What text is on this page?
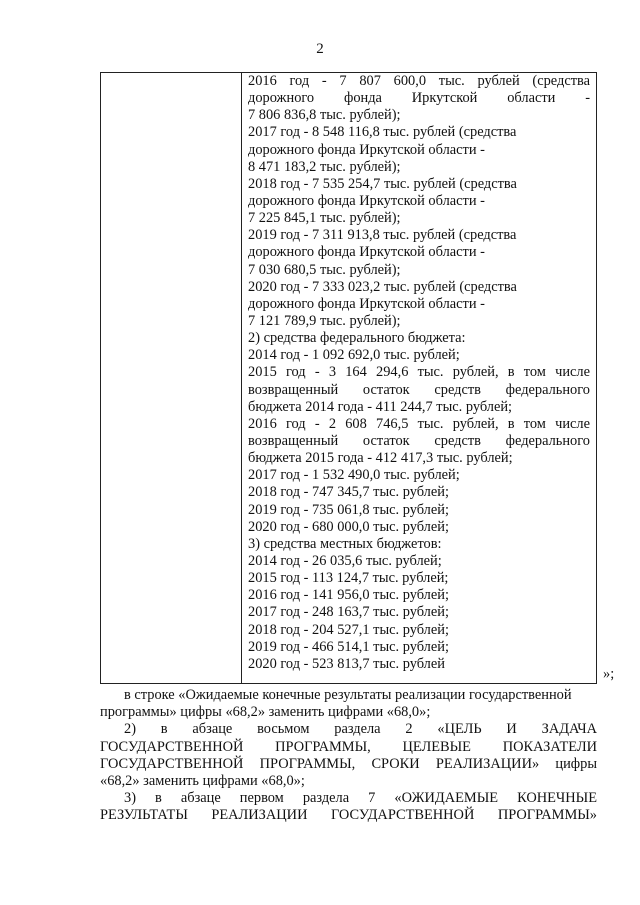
2
2016 год - 7 807 600,0 тыс. рублей (средства
дорожного фонда Иркутской области -
7 806 836,8 тыс. рублей);
2017 год - 8 548 116,8 тыс. рублей (средства
дорожного фонда Иркутской области -
8 471 183,2 тыс. рублей);
2018 год - 7 535 254,7 тыс. рублей (средства
дорожного фонда Иркутской области -
7 225 845,1 тыс. рублей);
2019 год - 7 311 913,8 тыс. рублей (средства
дорожного фонда Иркутской области -
7 030 680,5 тыс. рублей);
2020 год - 7 333 023,2 тыс. рублей (средства
дорожного фонда Иркутской области -
7 121 789,9 тыс. рублей);
2) средства федерального бюджета:
2014 год - 1 092 692,0 тыс. рублей;
2015 год - 3 164 294,6 тыс. рублей, в том числе
возвращенный остаток средств федерального
бюджета 2014 года - 411 244,7 тыс. рублей;
2016 год - 2 608 746,5 тыс. рублей, в том числе
возвращенный остаток средств федерального
бюджета 2015 года - 412 417,3 тыс. рублей;
2017 год - 1 532 490,0 тыс. рублей;
2018 год - 747 345,7 тыс. рублей;
2019 год - 735 061,8 тыс. рублей;
2020 год - 680 000,0 тыс. рублей;
3) средства местных бюджетов:
2014 год - 26 035,6 тыс. рублей;
2015 год - 113 124,7 тыс. рублей;
2016 год - 141 956,0 тыс. рублей;
2017 год - 248 163,7 тыс. рублей;
2018 год - 204 527,1 тыс. рублей;
2019 год - 466 514,1 тыс. рублей;
2020 год - 523 813,7 тыс. рублей
»;
в строке «Ожидаемые конечные результаты реализации государственной
программы» цифры «68,2» заменить цифрами «68,0»;
2) в абзаце восьмом раздела 2 «ЦЕЛЬ И ЗАДАЧА
ГОСУДАРСТВЕННОЙ ПРОГРАММЫ, ЦЕЛЕВЫЕ ПОКАЗАТЕЛИ
ГОСУДАРСТВЕННОЙ ПРОГРАММЫ, СРОКИ РЕАЛИЗАЦИИ» цифры
«68,2» заменить цифрами «68,0»;
3) в абзаце первом раздела 7 «ОЖИДАЕМЫЕ КОНЕЧНЫЕ
РЕЗУЛЬТАТЫ РЕАЛИЗАЦИИ ГОСУДАРСТВЕННОЙ ПРОГРАММЫ»
